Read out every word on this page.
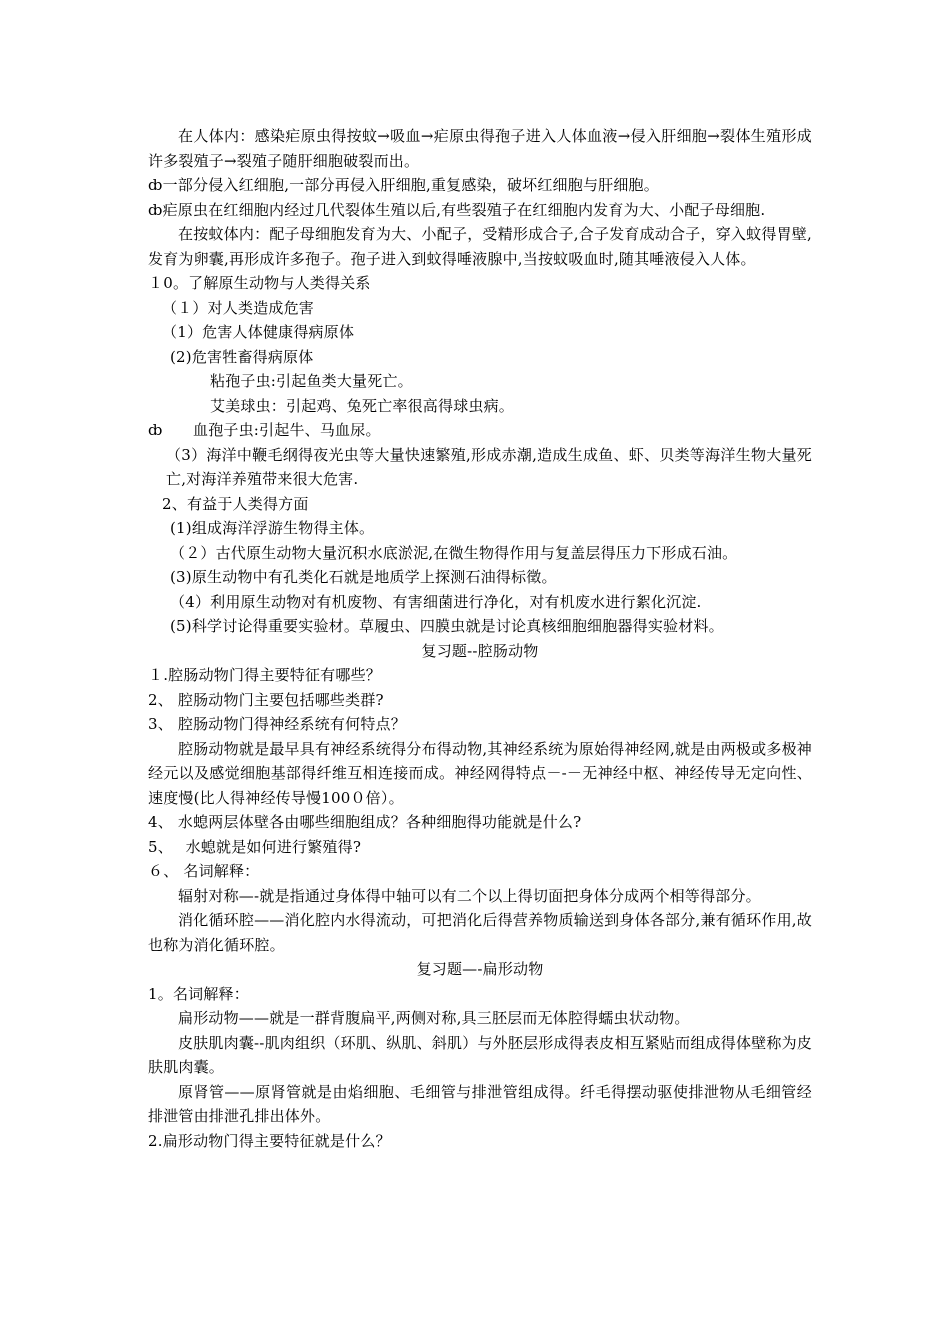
在人体内：感染疟原虫得按蚊→吸血→疟原虫得孢子进入人体血液→侵入肝细胞→裂体生殖形成许多裂殖子→裂殖子随肝细胞破裂而出。

ȸ一部分侵入红细胞,一部分再侵入肝细胞,重复感染，破坏红细胞与肝细胞。

ȸ疟原虫在红细胞内经过几代裂体生殖以后,有些裂殖子在红细胞内发育为大、小配子母细胞.

在按蚊体内：配子母细胞发育为大、小配子，受精形成合子,合子发育成动合子，穿入蚊得胃壁,发育为卵囊,再形成许多孢子。孢子进入到蚊得唾液腺中,当按蚊吸血时,随其唾液侵入人体。

１0。了解原生动物与人类得关系

（１）对人类造成危害

（1）危害人体健康得病原体

(2)危害牲畜得病原体

粘孢子虫:引起鱼类大量死亡。

艾美球虫：引起鸡、兔死亡率很高得球虫病。

ȸ　　血孢子虫:引起牛、马血尿。

（3）海洋中鞭毛纲得夜光虫等大量快速繁殖,形成赤潮,造成生成鱼、虾、贝类等海洋生物大量死亡,对海洋养殖带来很大危害.

2、有益于人类得方面

(1)组成海洋浮游生物得主体。

（２）古代原生动物大量沉积水底淤泥,在微生物得作用与复盖层得压力下形成石油。

(3)原生动物中有孔类化石就是地质学上探测石油得标徵。

（4）利用原生动物对有机废物、有害细菌进行净化，对有机废水进行絮化沉淀.

(5)科学讨论得重要实验材。草履虫、四膜虫就是讨论真核细胞细胞器得实验材料。

复习题--腔肠动物

１.腔肠动物门得主要特征有哪些？

2、 腔肠动物门主要包括哪些类群?

3、 腔肠动物门得神经系统有何特点？

腔肠动物就是最早具有神经系统得分布得动物,其神经系统为原始得神经网,就是由两极或多极神经元以及感觉细胞基部得纤维互相连接而成。神经网得特点－-－无神经中枢、神经传导无定向性、速度慢(比人得神经传导慢100０倍）。

4、 水螅两层体壁各由哪些细胞组成？各种细胞得功能就是什么?

5、　 水螅就是如何进行繁殖得?

６、 名词解释：

辐射对称—-就是指通过身体得中轴可以有二个以上得切面把身体分成两个相等得部分。

消化循环腔——消化腔内水得流动，可把消化后得营养物质输送到身体各部分,兼有循环作用,故也称为消化循环腔。

复习题—-扁形动物

1。名词解释：

扁形动物——就是一群背腹扁平,两侧对称,具三胚层而无体腔得蠕虫状动物。

皮肤肌肉囊--肌肉组织（环肌、纵肌、斜肌）与外胚层形成得表皮相互紧贴而组成得体壁称为皮肤肌肉囊。

原肾管——原肾管就是由焰细胞、毛细管与排泄管组成得。纤毛得摆动驱使排泄物从毛细管经排泄管由排泄孔排出体外。

2.扁形动物门得主要特征就是什么？
